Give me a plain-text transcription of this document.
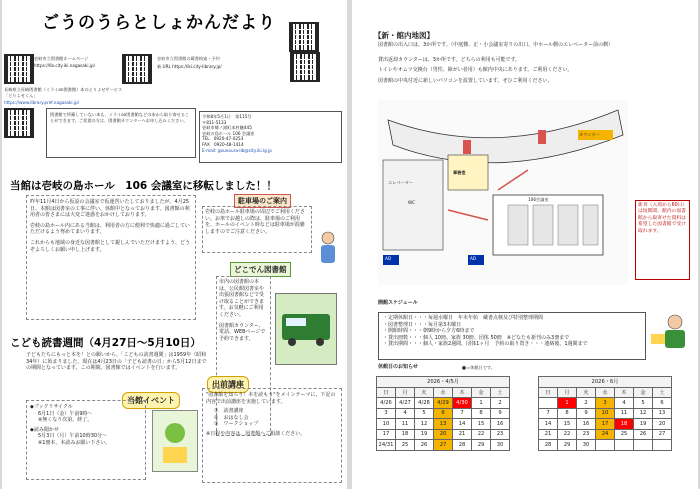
ごうのうらとしょかんだより
壱岐市立図書館ホームページ
https://lib.city.iki.nagasaki.jp/
壱岐市立図書館の蔵書検索・予約
新 URL https://iki.city-library.jp/
長崎県立長崎図書館（ミライon図書館）本のとりよせサービス
「とりよせくん」
https://www.library.pref.nagasaki.jp/
図書館で所蔵していない本も、ミライon図書館などの本から取り寄せることができます。ご希望の方は、図書館カウンターへお申し込みください。
令和8年5月1日　第115号
〒811-5133
壱岐市郷ノ浦町本村触445
壱岐の島ホール 106 会議室
TEL　0920-47-0253
FAX　0920-48-1414
E-mail: gounoura-lib@city.iki.lg.jp
当館は壱岐の島ホール　106 会議室に移転しました！！
昨年11月4日から仮設の会議室で仮運営いたしておりましたが、4月25日、本館は図書室の工事に伴い、休館中となっております。図書館の利用者の皆さまには大変ご迷惑をおかけしております。
壱岐の島ホール内にある当館は、利用者の方に便利で快適に過ごしていただけるよう努めてまいります。
これからも地域の身近な図書館として親しんでいただけますよう、どうぞよろしくお願い申し上げます。
駐車場のご案内
壱岐の島ホール駐車場の周辺でご利用ください。お車でお越しの際は、駐車場のご利用を、ホールのイベント時などは駐車場が混雑しますのでご注意ください。
どこでん図書館
市内の図書館の本は、公民館図書室や出張図書館などで受け取ることができます。お気軽にご利用ください。
図書館カウンター、電話、WEBページで予約できます。
こども読書週間（4月27日～5月10日）
子どもたちにもっと本を！との願いから、「こどもの読書週間」は1959年（昭和34年）に始まりました。現在は4月23日の「子ども読書の日」から5月12日までの期間となっています。この期間、図書館ではイベントを行います。
当館イベント
◆ブックリサイクル
6月1日（金）午前9時～
※無くなり次第、終了。
◆読み聞かせ
5月3日（月）午前10時30分～
※1冊本、本読みお願い下さい。
出前講座
"図書館を知ろう！本を読もう"をメインテーマに、下記の内容で出前講座を実施しています。
①　読書講座
②　おはなし会
③　ワークショップ
※日程や内容は、図書館へご相談ください。
【新・館内地図】
図書館の出入口は、3か所です。（中庭側、正・小会議室寄りの出口、中ホール側のエレベーター前の側）
貸出返却カウンターは、3か所です。どちらの利用も可能です。
トイレやオムツ交換台（男性、障がい者用）も館内中央にあります。ご利用ください。
図書館の中央付近に新しいパソコンを設置しています。ぜひご利用ください。
事務室
カウンター
106会議室
エレベーター
WC
AD
AD
新刊（入荷から60日）は短期間、館内の図書館から取寄せた資料は希望した図書館で受け取れます。
開館スケジュール
・定期休館日・・・毎週水曜日　年末年始　蔵書点検及び特別整理期間
・図書整理日・・・毎月第3木曜日
・開館時間・・・朝9時から夕方6時まで
・貸出冊数・・・個人 10冊、家族 30冊、団体 50冊　※どなたも新刊のみ3冊まで
・貸出期間・・・個人・家族2週間、団体1ヶ月　予約の取り置き・・・連絡後、1週間まで
休館日のお知らせ	■＝休館日です。
2026・4/5月						
日	月	火	水	木	金	土
4/26	4/27	4/28	4/29	4/30	1	2
3	4	5	6	7	8	9
10	11	12	13	14	15	16
17	18	19	20	21	22	23
24/31	25	26	27	28	29	30
2026・6月						
日	月	火	水	木	金	土
	1	2	3	4	5	6
7	8	9	10	11	12	13
14	15	16	17	18	19	20
21	22	23	24	25	26	27
28	29	30				
